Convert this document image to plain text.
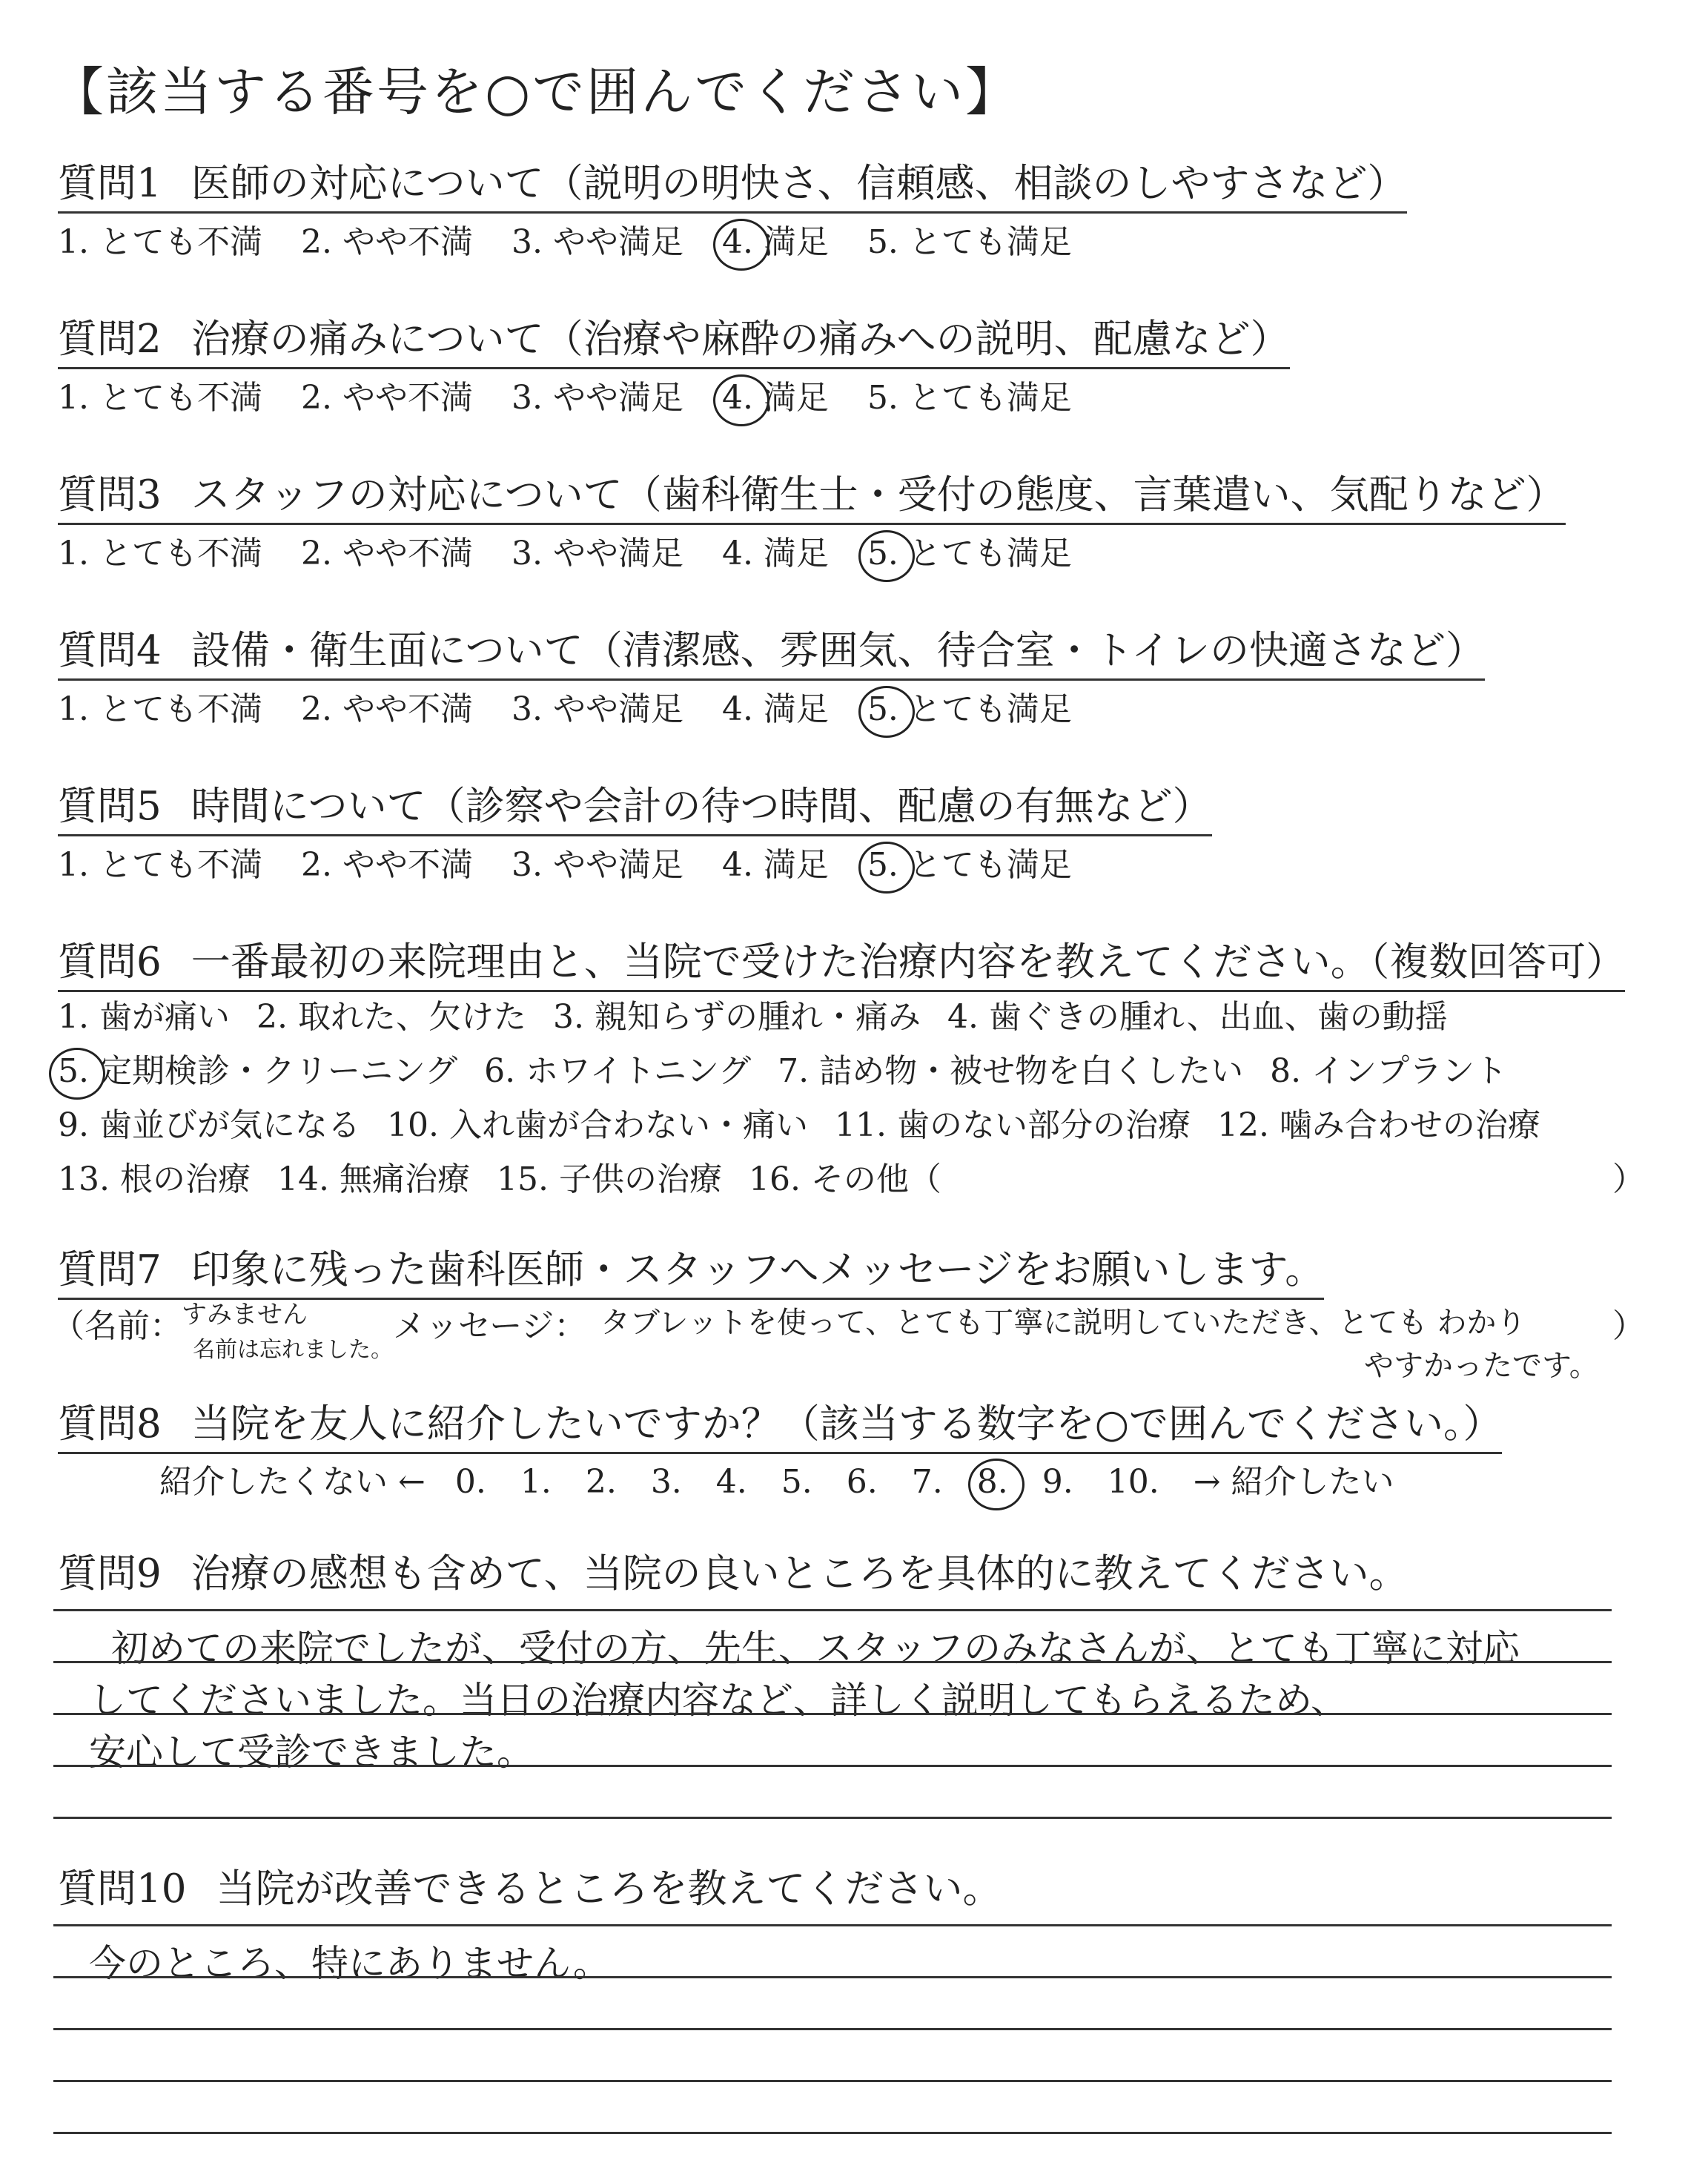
【該当する番号を○で囲んでください】
質問1 医師の対応について（説明の明快さ、信頼感、相談のしやすさなど）
1. とても不満 2. やや不満 3. やや満足 4. 満足 5. とても満足
質問2 治療の痛みについて（治療や麻酔の痛みへの説明、配慮など）
1. とても不満 2. やや不満 3. やや満足 4. 満足 5. とても満足
質問3 スタッフの対応について（歯科衛生士・受付の態度、言葉遣い、気配りなど）
1. とても不満 2. やや不満 3. やや満足 4. 満足 5. とても満足
質問4 設備・衛生面について（清潔感、雰囲気、待合室・トイレの快適さなど）
1. とても不満 2. やや不満 3. やや満足 4. 満足 5. とても満足
質問5 時間について（診察や会計の待つ時間、配慮の有無など）
1. とても不満 2. やや不満 3. やや満足 4. 満足 5. とても満足
質問6 一番最初の来院理由と、当院で受けた治療内容を教えてください。（複数回答可）
1. 歯が痛い 2. 取れた、欠けた 3. 親知らずの腫れ・痛み 4. 歯ぐきの腫れ、出血、歯の動揺
5. 定期検診・クリーニング 6. ホワイトニング 7. 詰め物・被せ物を白くしたい 8. インプラント
9. 歯並びが気になる 10. 入れ歯が合わない・痛い 11. 歯のない部分の治療 12. 噛み合わせの治療
13. 根の治療 14. 無痛治療 15. 子供の治療 16. その他（	）
質問7 印象に残った歯科医師・スタッフへメッセージをお願いします。
（名前： すみません
名前は忘れました。
メッセージ： タブレットを使って、とても丁寧に説明していただき、とても わかり
やすかったです。
）
質問8 当院を友人に紹介したいですか？（該当する数字を○で囲んでください。）
紹介したくない ← 0. 1. 2. 3. 4. 5. 6. 7. 8. 9. 10. → 紹介したい
質問9 治療の感想も含めて、当院の良いところを具体的に教えてください。
初めての来院でしたが、受付の方、先生、スタッフのみなさんが、とても丁寧に対応
してくださいました。当日の治療内容など、詳しく説明してもらえるため、
安心して受診できました。
質問10 当院が改善できるところを教えてください。
今のところ、特にありません。
